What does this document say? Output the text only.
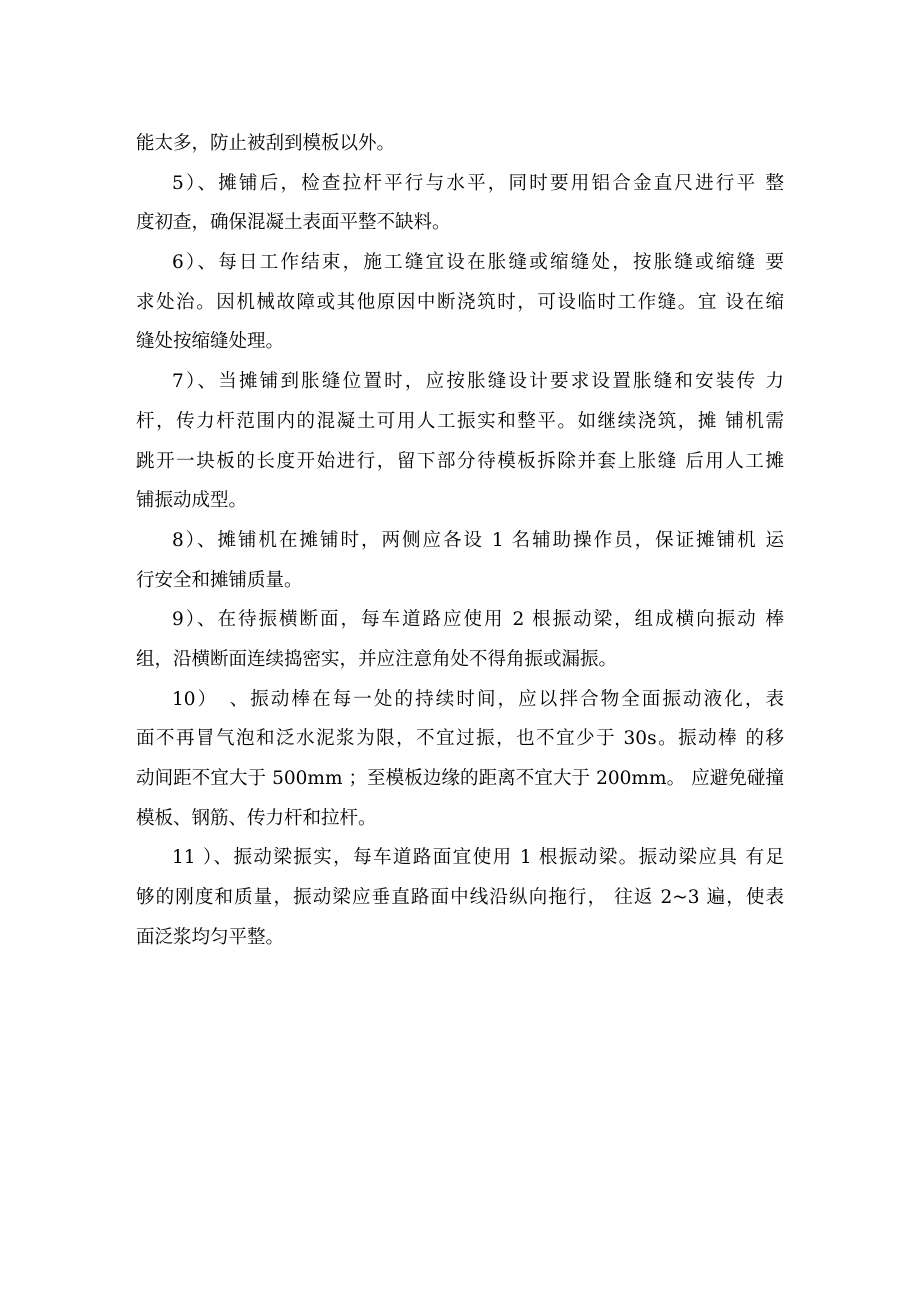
能太多，防止被刮到模板以外。
5）、摊铺后，检查拉杆平行与水平，同时要用铝合金直尺进行平 整
度初查，确保混凝土表面平整不缺料。
6）、每日工作结束，施工缝宜设在胀缝或缩缝处，按胀缝或缩缝 要
求处治。因机械故障或其他原因中断浇筑时，可设临时工作缝。宜 设在缩
缝处按缩缝处理。
7）、当摊铺到胀缝位置时，应按胀缝设计要求设置胀缝和安装传 力
杆，传力杆范围内的混凝土可用人工振实和整平。如继续浇筑，摊 铺机需
跳开一块板的长度开始进行，留下部分待模板拆除并套上胀缝 后用人工摊
铺振动成型。
8）、摊铺机在摊铺时，两侧应各设 1 名辅助操作员，保证摊铺机 运
行安全和摊铺质量。
9）、在待振横断面，每车道路应使用 2 根振动梁，组成横向振动 棒
组，沿横断面连续捣密实，并应注意角处不得角振或漏振。
10）　、振动棒在每一处的持续时间，应以拌合物全面振动液化，表
面不再冒气泡和泛水泥浆为限，不宜过振，也不宜少于 30s。振动棒 的移
动间距不宜大于 500mm ；至模板边缘的距离不宜大于 200mm。 应避免碰撞
模板、钢筋、传力杆和拉杆。
11 ）、振动梁振实，每车道路面宜使用 1 根振动梁。振动梁应具 有足
够的刚度和质量，振动梁应垂直路面中线沿纵向拖行， 往返 2~3 遍，使表
面泛浆均匀平整。
